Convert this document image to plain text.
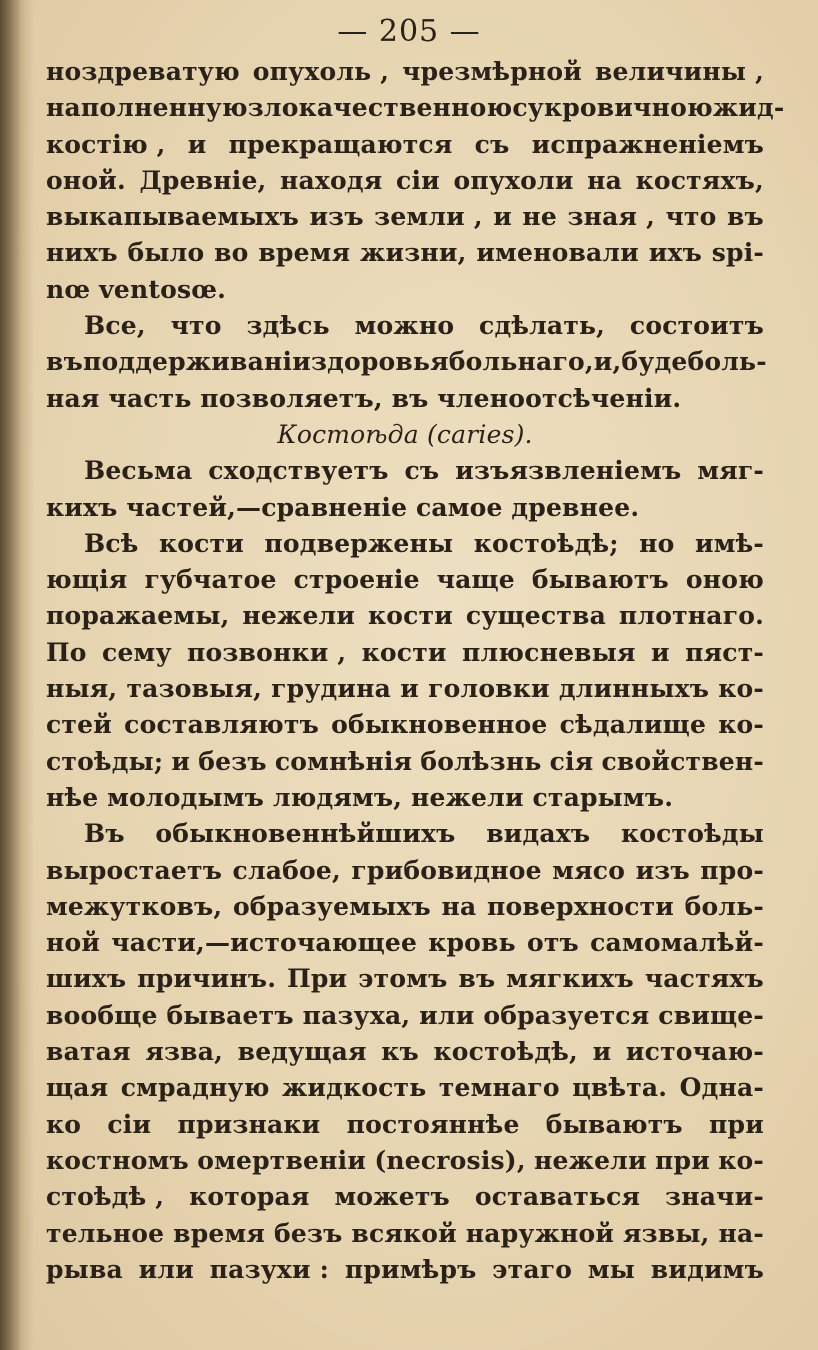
— 205 —
ноздреватую опухоль , чрезмѣрной величины ,
наполненную злокачественною сукровичною жид-
костію , и прекращаются съ испражненіемъ
оной. Древніе, находя сіи опухоли на костяхъ,
выкапываемыхъ изъ земли , и не зная , что въ
нихъ было во время жизни, именовали ихъ spi-
nœ ventosœ.
Все, что здѣсь можно сдѣлать, состоитъ
въ поддерживаніи здоровья больнаго, и, буде боль-
ная часть позволяетъ, въ членоотсѣченіи.
Костоѣда (caries).
Весьма сходствуетъ съ изъязвленіемъ мяг-
кихъ частей,—сравненіе самое древнее.
Всѣ кости подвержены костоѣдѣ; но имѣ-
ющія губчатое строеніе чаще бываютъ оною
поражаемы, нежели кости существа плотнаго.
По сему позвонки , кости плюсневыя и пяст-
ныя, тазовыя, грудина и головки длинныхъ ко-
стей составляютъ обыкновенное сѣдалище ко-
стоѣды; и безъ сомнѣнія болѣзнь сія свойствен-
нѣе молодымъ людямъ, нежели старымъ.
Въ обыкновеннѣйшихъ видахъ костоѣды
выростаетъ слабое, грибовидное мясо изъ про-
межутковъ, образуемыхъ на поверхности боль-
ной части,—источающее кровь отъ самомалѣй-
шихъ причинъ. При этомъ въ мягкихъ частяхъ
вообще бываетъ пазуха, или образуется свище-
ватая язва, ведущая къ костоѣдѣ, и источаю-
щая смрадную жидкость темнаго цвѣта. Одна-
ко сіи признаки постояннѣе бываютъ при
костномъ омертвеніи (necrosis), нежели при ко-
стоѣдѣ , которая можетъ оставаться значи-
тельное время безъ всякой наружной язвы, на-
рыва или пазухи : примѣръ этаго мы видимъ
